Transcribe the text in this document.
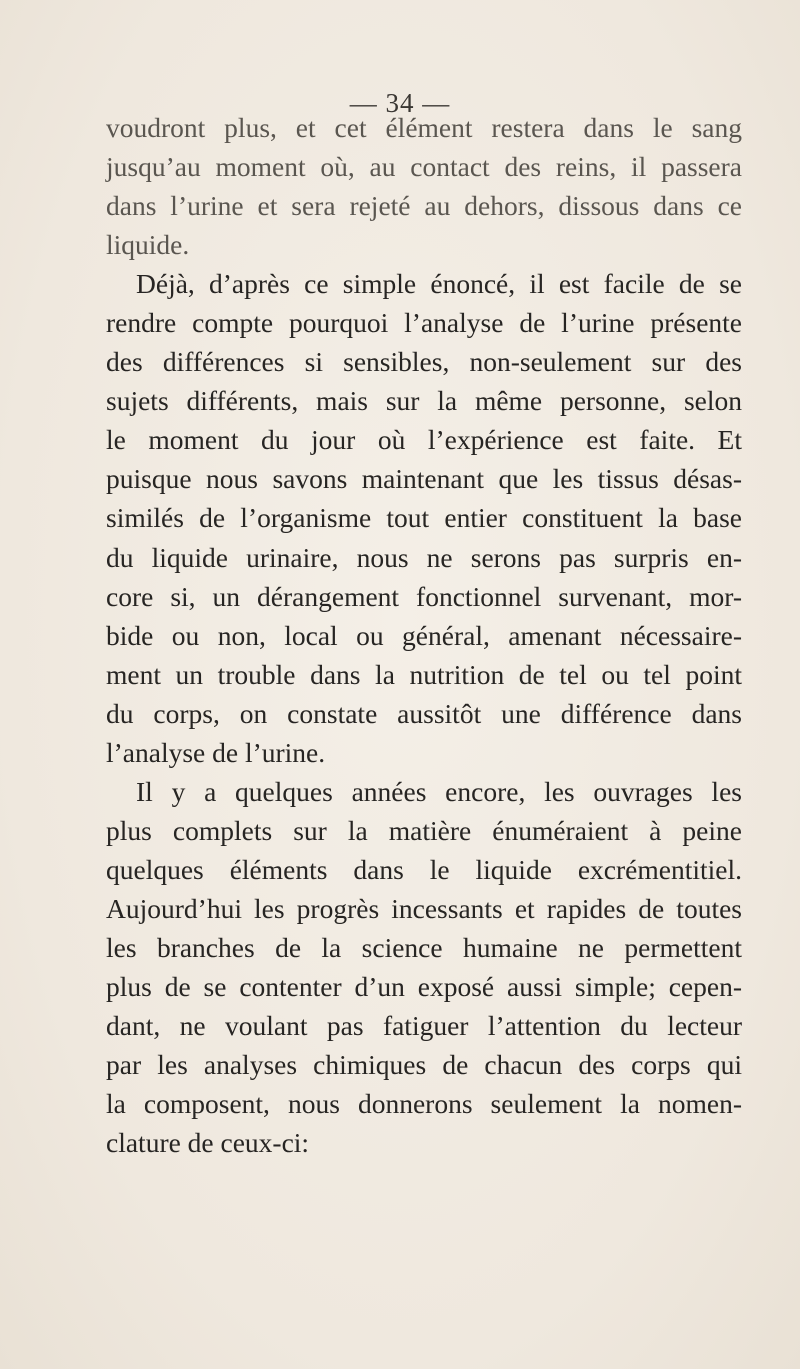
— 34 —
voudront plus, et cet élément restera dans le sang
jusqu’au moment où, au contact des reins, il passera
dans l’urine et sera rejeté au dehors, dissous dans ce
liquide.
Déjà, d’après ce simple énoncé, il est facile de se
rendre compte pourquoi l’analyse de l’urine présente
des différences si sensibles, non-seulement sur des
sujets différents, mais sur la même personne, selon
le moment du jour où l’expérience est faite. Et
puisque nous savons maintenant que les tissus désas-
similés de l’organisme tout entier constituent la base
du liquide urinaire, nous ne serons pas surpris en-
core si, un dérangement fonctionnel survenant, mor-
bide ou non, local ou général, amenant nécessaire-
ment un trouble dans la nutrition de tel ou tel point
du corps, on constate aussitôt une différence dans
l’analyse de l’urine.
Il y a quelques années encore, les ouvrages les
plus complets sur la matière énuméraient à peine
quelques éléments dans le liquide excrémentitiel.
Aujourd’hui les progrès incessants et rapides de toutes
les branches de la science humaine ne permettent
plus de se contenter d’un exposé aussi simple; cepen-
dant, ne voulant pas fatiguer l’attention du lecteur
par les analyses chimiques de chacun des corps qui
la composent, nous donnerons seulement la nomen-
clature de ceux-ci:
